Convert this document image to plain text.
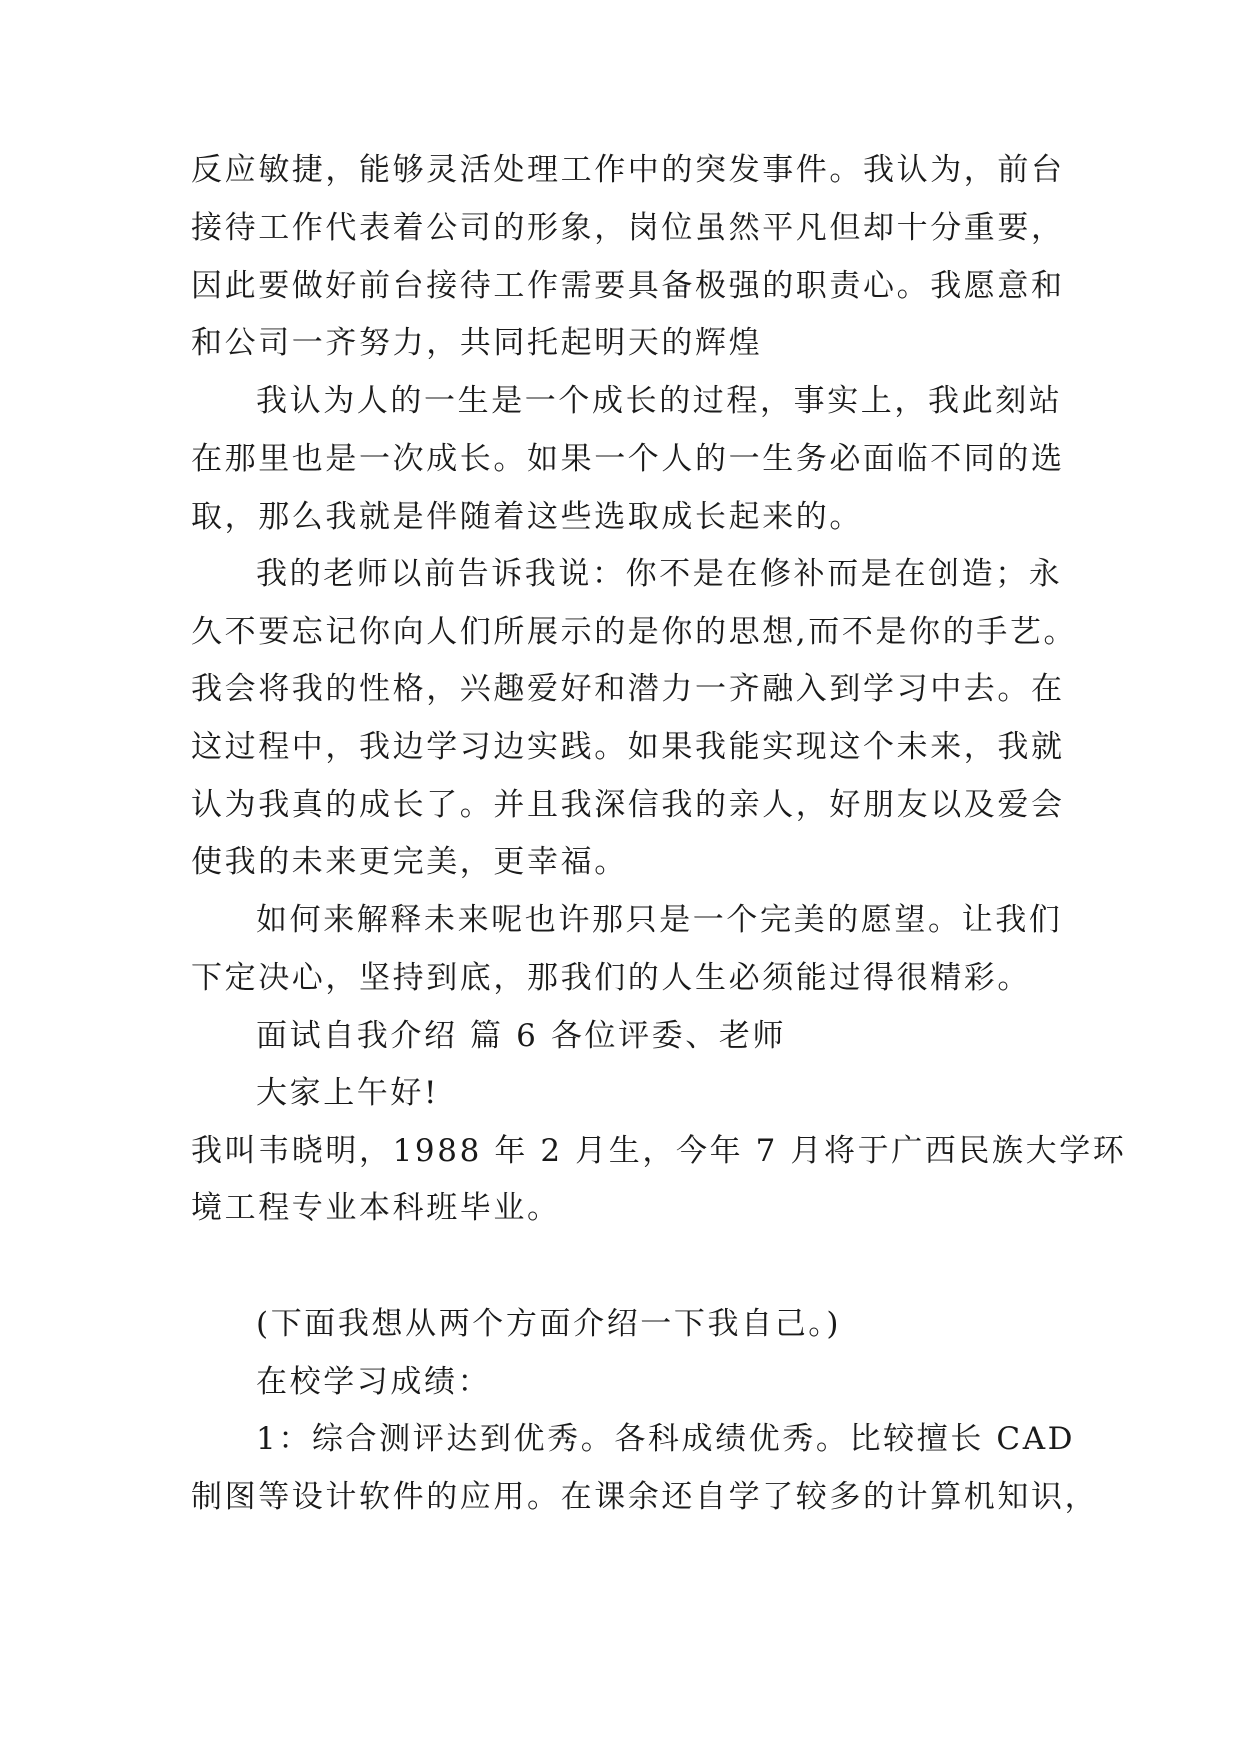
反应敏捷，能够灵活处理工作中的突发事件。我认为，前台
接待工作代表着公司的形象，岗位虽然平凡但却十分重要，
因此要做好前台接待工作需要具备极强的职责心。我愿意和
和公司一齐努力，共同托起明天的辉煌
我认为人的一生是一个成长的过程，事实上，我此刻站
在那里也是一次成长。如果一个人的一生务必面临不同的选
取，那么我就是伴随着这些选取成长起来的。
我的老师以前告诉我说：你不是在修补而是在创造；永
久不要忘记你向人们所展示的是你的思想,而不是你的手艺。
我会将我的性格，兴趣爱好和潜力一齐融入到学习中去。在
这过程中，我边学习边实践。如果我能实现这个未来，我就
认为我真的成长了。并且我深信我的亲人，好朋友以及爱会
使我的未来更完美，更幸福。
如何来解释未来呢也许那只是一个完美的愿望。让我们
下定决心，坚持到底，那我们的人生必须能过得很精彩。
面试自我介绍 篇 6 各位评委、老师
大家上午好!
我叫韦晓明，1988 年 2 月生，今年 7 月将于广西民族大学环
境工程专业本科班毕业。
(下面我想从两个方面介绍一下我自己。)
在校学习成绩：
1：综合测评达到优秀。各科成绩优秀。比较擅长 CAD
制图等设计软件的应用。在课余还自学了较多的计算机知识，
